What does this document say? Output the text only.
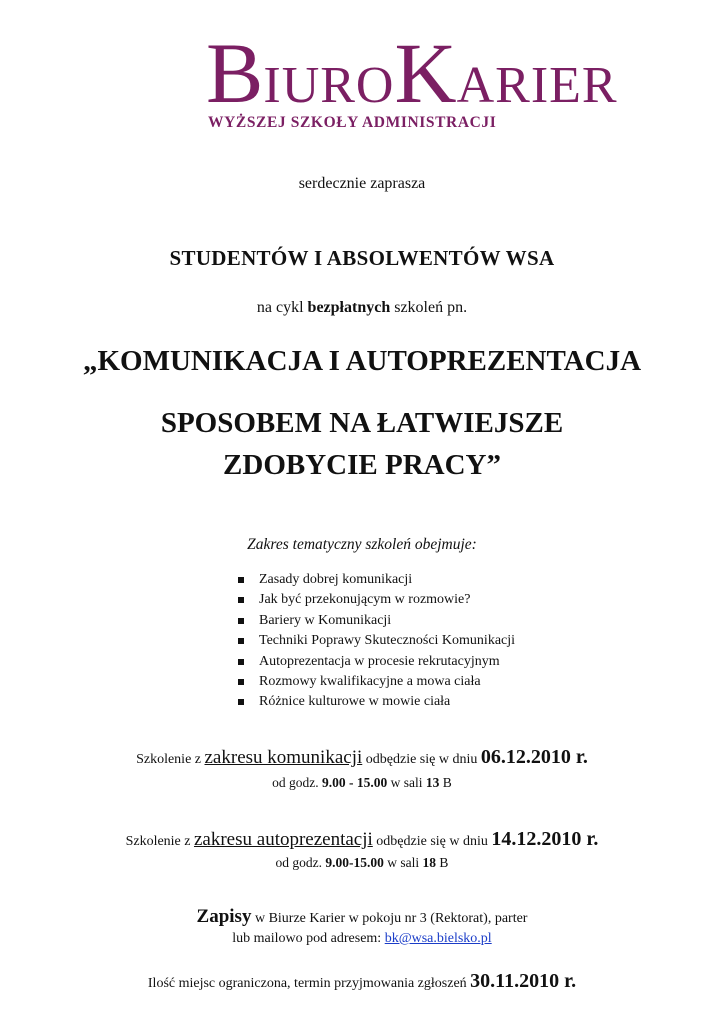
BIUROKARIER
WYŻSZEJ SZKOŁY ADMINISTRACJI
serdecznie zaprasza
STUDENTÓW I ABSOLWENTÓW WSA
na cykl bezpłatnych szkoleń pn.
„KOMUNIKACJA I AUTOPREZENTACJA
SPOSOBEM NA ŁATWIEJSZE
ZDOBYCIE PRACY”
Zakres tematyczny szkoleń obejmuje:
Zasady dobrej komunikacji
Jak być przekonującym w rozmowie?
Bariery w Komunikacji
Techniki Poprawy Skuteczności Komunikacji
Autoprezentacja w procesie rekrutacyjnym
Rozmowy kwalifikacyjne a mowa ciała
Różnice kulturowe w mowie ciała
Szkolenie z zakresu komunikacji odbędzie się w dniu 06.12.2010 r.
od godz. 9.00 - 15.00 w sali 13 B
Szkolenie z zakresu autoprezentacji odbędzie się w dniu 14.12.2010 r.
od godz. 9.00-15.00 w sali 18 B
Zapisy w Biurze Karier w pokoju nr 3 (Rektorat), parter
lub mailowo pod adresem: bk@wsa.bielsko.pl
Ilość miejsc ograniczona, termin przyjmowania zgłoszeń 30.11.2010 r.
